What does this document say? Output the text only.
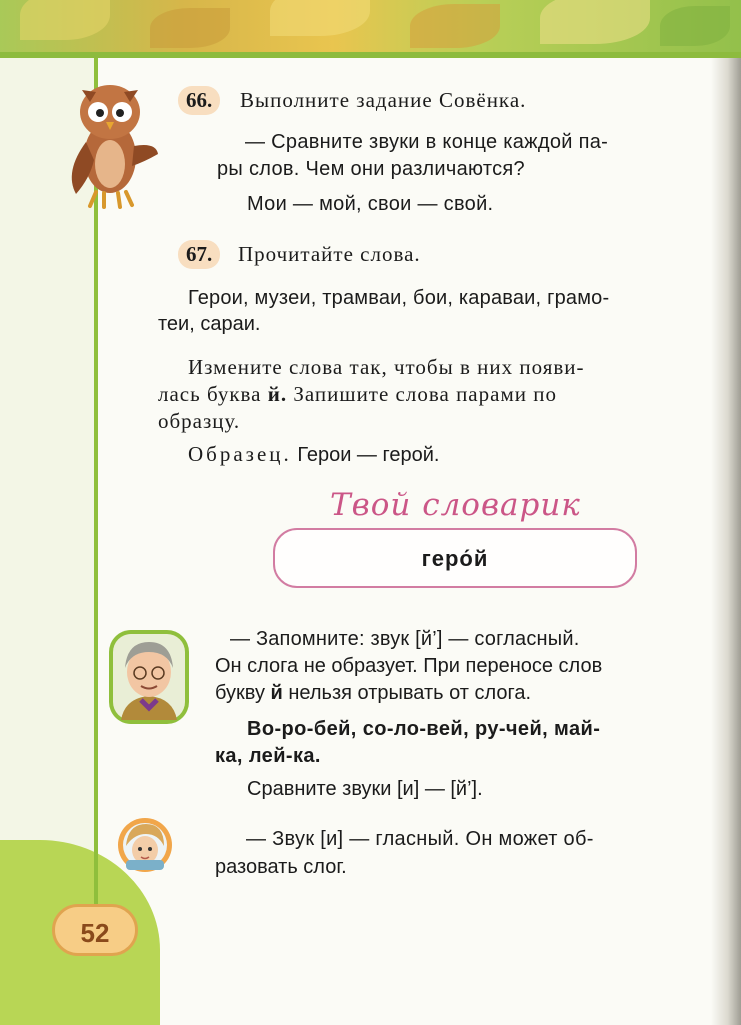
66.	Выполните задание Совёнка.
— Сравните звуки в конце каждой па-
ры слов. Чем они различаются?
Мои — мой, свои — свой.
67.	Прочитайте слова.
Герои, музеи, трамваи, бои, караваи, грамо-
теи, сараи.
Измените слова так, чтобы в них появи-
лась буква й. Запишите слова парами по
образцу.
Образец. Герои — герой.
Твой словарик
геро́й
— Запомните: звук [й’] — согласный.
Он слога не образует. При переносе слов
букву й нельзя отрывать от слога.
Во-ро-бей, со-ло-вей, ру-чей, май-
ка, лей-ка.
Сравните звуки [и] — [й’].
— Звук [и] — гласный. Он может об-
разовать слог.
52
